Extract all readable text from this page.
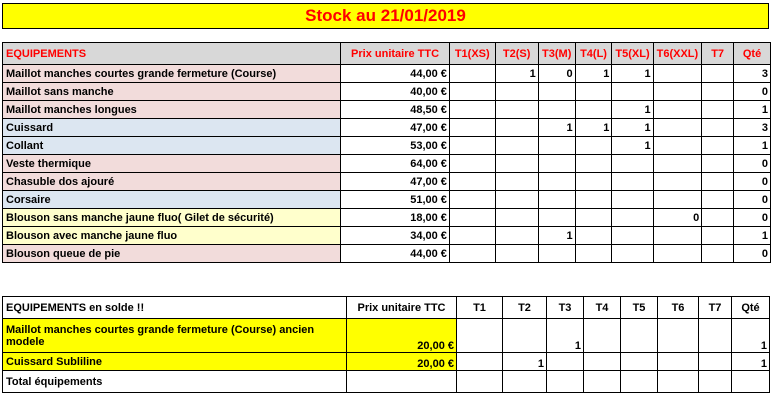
Stock au 21/01/2019
EQUIPEMENTS	Prix unitaire TTC	T1(XS)	T2(S)	T3(M)	T4(L)	T5(XL)	T6(XXL)	T7	Qté
Maillot manches courtes grande fermeture (Course)	44,00 €		1	0	1	1			3
Maillot sans manche	40,00 €								0
Maillot manches longues	48,50 €					1			1
Cuissard	47,00 €			1	1	1			3
Collant	53,00 €					1			1
Veste thermique	64,00 €								0
Chasuble dos ajouré	47,00 €								0
Corsaire	51,00 €								0
Blouson sans manche jaune fluo( Gilet de sécurité)	18,00 €						0		0
Blouson avec manche jaune fluo	34,00 €			1					1
Blouson queue de pie	44,00 €								0
EQUIPEMENTS en solde !!	Prix unitaire TTC	T1	T2	T3	T4	T5	T6	T7	Qté
Maillot manches courtes grande fermeture (Course) ancien modele	20,00 €			1					1
Cuissard Subliline	20,00 €		1						1
Total équipements									
